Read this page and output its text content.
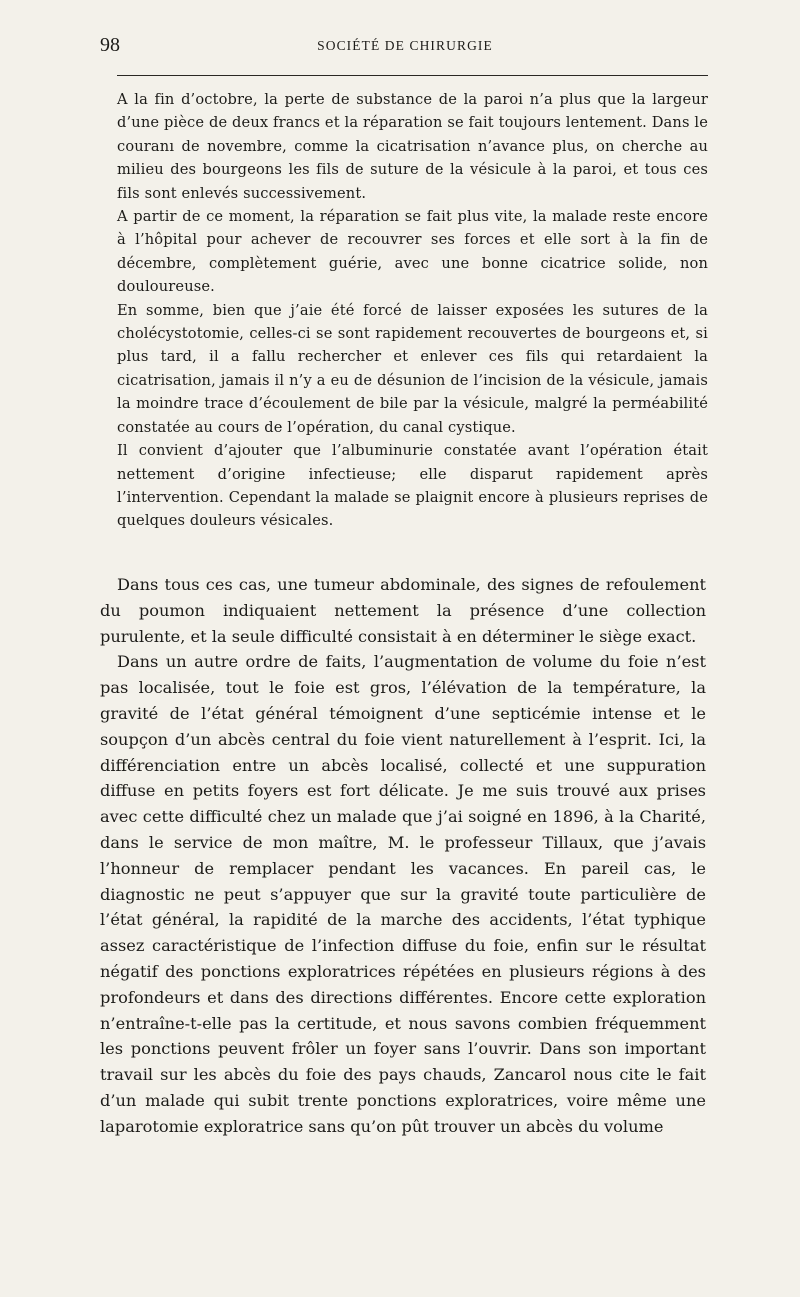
98	SOCIÉTÉ DE CHIRURGIE

A la fin d’octobre, la perte de substance de la paroi n’a plus que la largeur d’une pièce de deux francs et la réparation se fait toujours lentement. Dans le couranı de novembre, comme la cicatrisation n’avance plus, on cherche au milieu des bourgeons les fils de suture de la vésicule à la paroi, et tous ces fils sont enlevés successivement.

A partir de ce moment, la réparation se fait plus vite, la malade reste encore à l’hôpital pour achever de recouvrer ses forces et elle sort à la fin de décembre, complètement guérie, avec une bonne cicatrice solide, non douloureuse.

En somme, bien que j’aie été forcé de laisser exposées les sutures de la cholécystotomie, celles-ci se sont rapidement recouvertes de bourgeons et, si plus tard, il a fallu rechercher et enlever ces fils qui retardaient la cicatrisation, jamais il n’y a eu de désunion de l’incision de la vésicule, jamais la moindre trace d’écoulement de bile par la vésicule, malgré la perméabilité constatée au cours de l’opération, du canal cystique.

Il convient d’ajouter que l’albuminurie constatée avant l’opération était nettement d’origine infectieuse; elle disparut rapidement après l’intervention. Cependant la malade se plaignit encore à plusieurs reprises de quelques douleurs vésicales.

Dans tous ces cas, une tumeur abdominale, des signes de refoulement du poumon indiquaient nettement la présence d’une collection purulente, et la seule difficulté consistait à en déterminer le siège exact.

Dans un autre ordre de faits, l’augmentation de volume du foie n’est pas localisée, tout le foie est gros, l’élévation de la température, la gravité de l’état général témoignent d’une septicémie intense et le soupçon d’un abcès central du foie vient naturellement à l’esprit. Ici, la différenciation entre un abcès localisé, collecté et une suppuration diffuse en petits foyers est fort délicate. Je me suis trouvé aux prises avec cette difficulté chez un malade que j’ai soigné en 1896, à la Charité, dans le service de mon maître, M. le professeur Tillaux, que j’avais l’honneur de remplacer pendant les vacances. En pareil cas, le diagnostic ne peut s’appuyer que sur la gravité toute particulière de l’état général, la rapidité de la marche des accidents, l’état typhique assez caractéristique de l’infection diffuse du foie, enfin sur le résultat négatif des ponctions exploratrices répétées en plusieurs régions à des profondeurs et dans des directions différentes. Encore cette exploration n’entraîne-t-elle pas la certitude, et nous savons combien fréquemment les ponctions peuvent frôler un foyer sans l’ouvrir. Dans son important travail sur les abcès du foie des pays chauds, Zancarol nous cite le fait d’un malade qui subit trente ponctions exploratrices, voire même une laparotomie exploratrice sans qu’on pût trouver un abcès du volume
